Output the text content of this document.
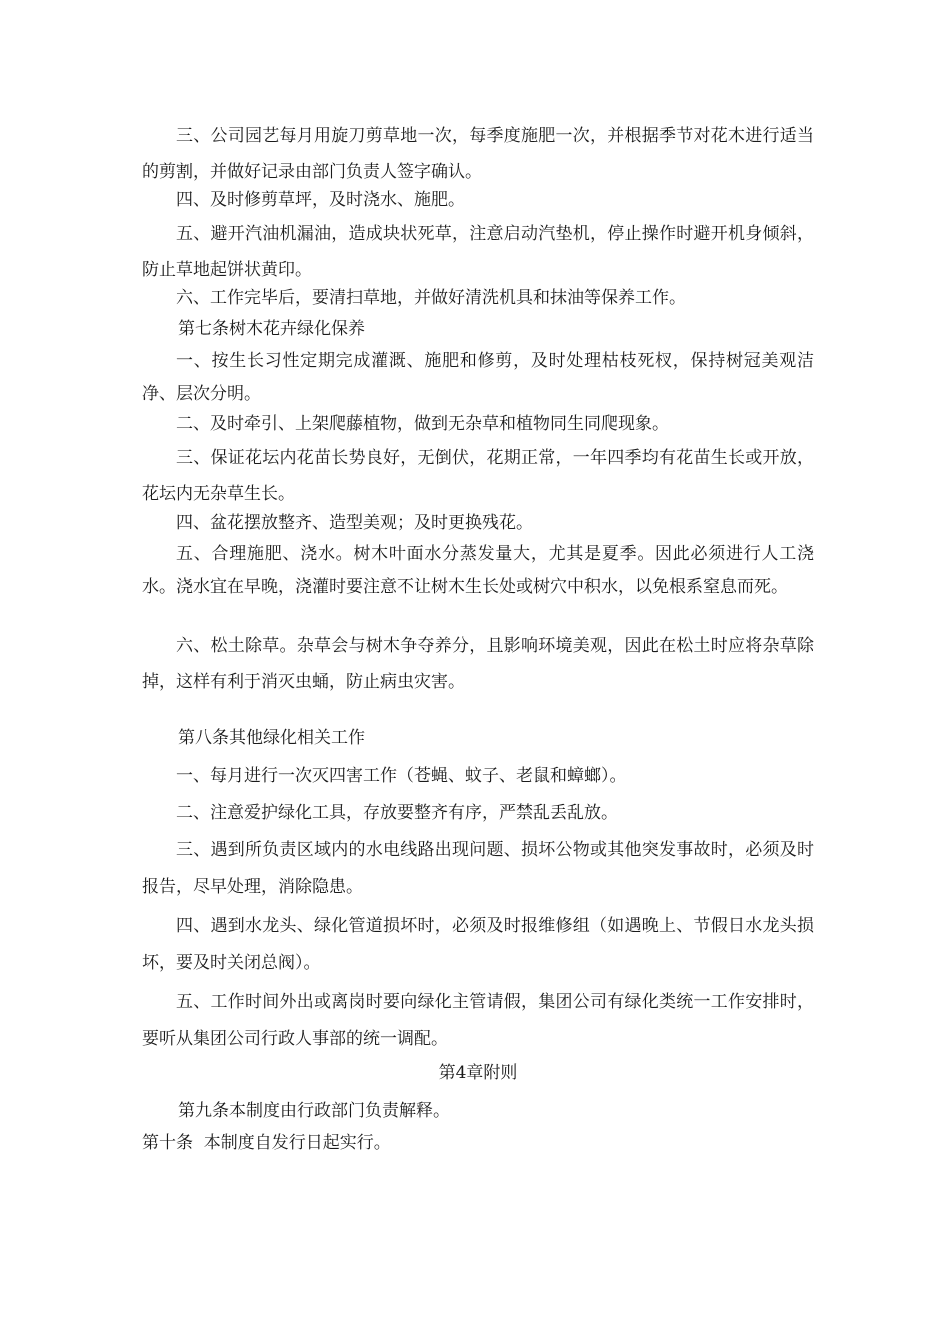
三、公司园艺每月用旋刀剪草地一次，每季度施肥一次，并根据季节对花木进行适当的剪割，并做好记录由部门负责人签字确认。

四、及时修剪草坪，及时浇水、施肥。

五、避开汽油机漏油，造成块状死草，注意启动汽垫机，停止操作时避开机身倾斜，防止草地起饼状黄印。

六、工作完毕后，要清扫草地，并做好清洗机具和抹油等保养工作。

第七条树木花卉绿化保养

一、按生长习性定期完成灌溉、施肥和修剪，及时处理枯枝死杈，保持树冠美观洁净、层次分明。

二、及时牵引、上架爬藤植物，做到无杂草和植物同生同爬现象。

三、保证花坛内花苗长势良好，无倒伏，花期正常，一年四季均有花苗生长或开放，花坛内无杂草生长。

四、盆花摆放整齐、造型美观；及时更换残花。

五、合理施肥、浇水。树木叶面水分蒸发量大，尤其是夏季。因此必须进行人工浇水。浇水宜在早晚，浇灌时要注意不让树木生长处或树穴中积水，以免根系窒息而死。

六、松土除草。杂草会与树木争夺养分，且影响环境美观，因此在松土时应将杂草除掉，这样有利于消灭虫蛹，防止病虫灾害。

第八条其他绿化相关工作

一、每月进行一次灭四害工作（苍蝇、蚊子、老鼠和蟑螂）。

二、注意爱护绿化工具，存放要整齐有序，严禁乱丢乱放。

三、遇到所负责区域内的水电线路出现问题、损坏公物或其他突发事故时，必须及时报告，尽早处理，消除隐患。

四、遇到水龙头、绿化管道损坏时，必须及时报维修组（如遇晚上、节假日水龙头损坏，要及时关闭总阀）。

五、工作时间外出或离岗时要向绿化主管请假，集团公司有绿化类统一工作安排时，要听从集团公司行政人事部的统一调配。

第4章附则

第九条本制度由行政部门负责解释。

第十条  本制度自发行日起实行。
